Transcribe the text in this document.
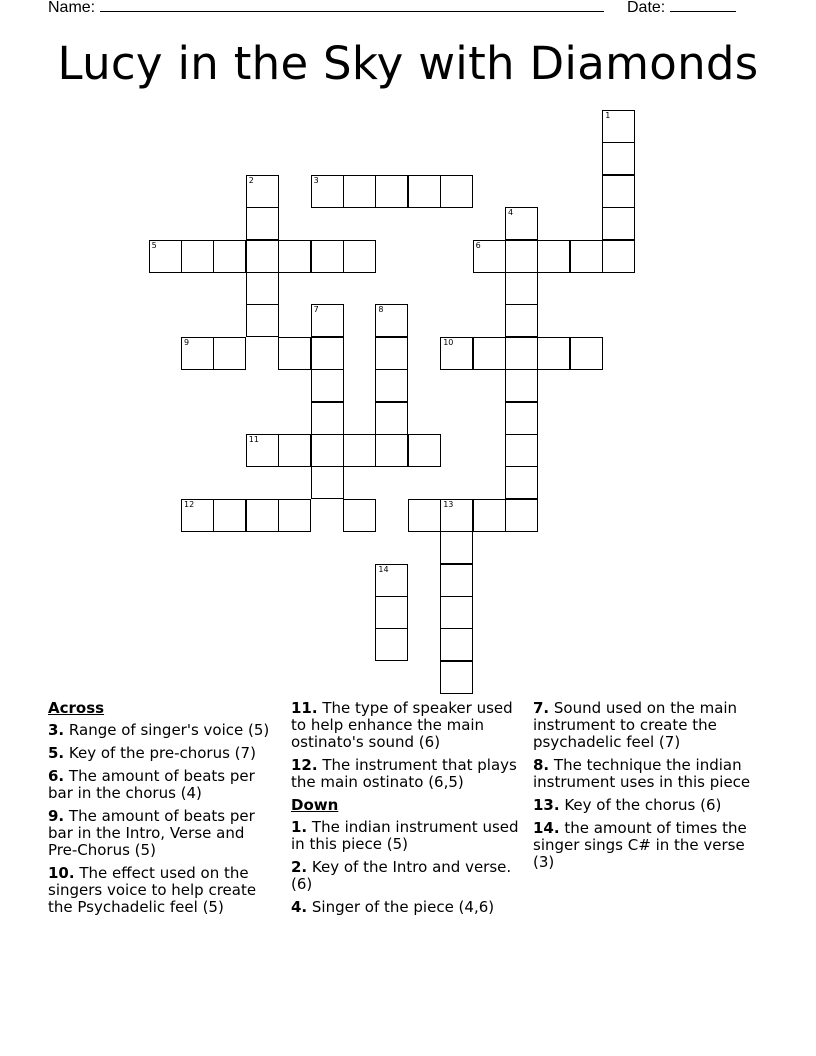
Name:	Date:
Lucy in the Sky with Diamonds
1
2	3
4
5	6
7	8
9	10
11
12	13
14
Across
3. Range of singer's voice (5)
5. Key of the pre-chorus (7)
6. The amount of beats per bar in the chorus (4)
9. The amount of beats per bar in the Intro, Verse and Pre-Chorus (5)
10. The effect used on the singers voice to help create the Psychadelic feel (5)
11. The type of speaker used to help enhance the main ostinato's sound (6)
12. The instrument that plays the main ostinato (6,5)
Down
1. The indian instrument used in this piece (5)
2. Key of the Intro and verse. (6)
4. Singer of the piece (4,6)
7. Sound used on the main instrument to create the psychadelic feel (7)
8. The technique the indian instrument uses in this piece
13. Key of the chorus (6)
14. the amount of times the singer sings C# in the verse (3)
